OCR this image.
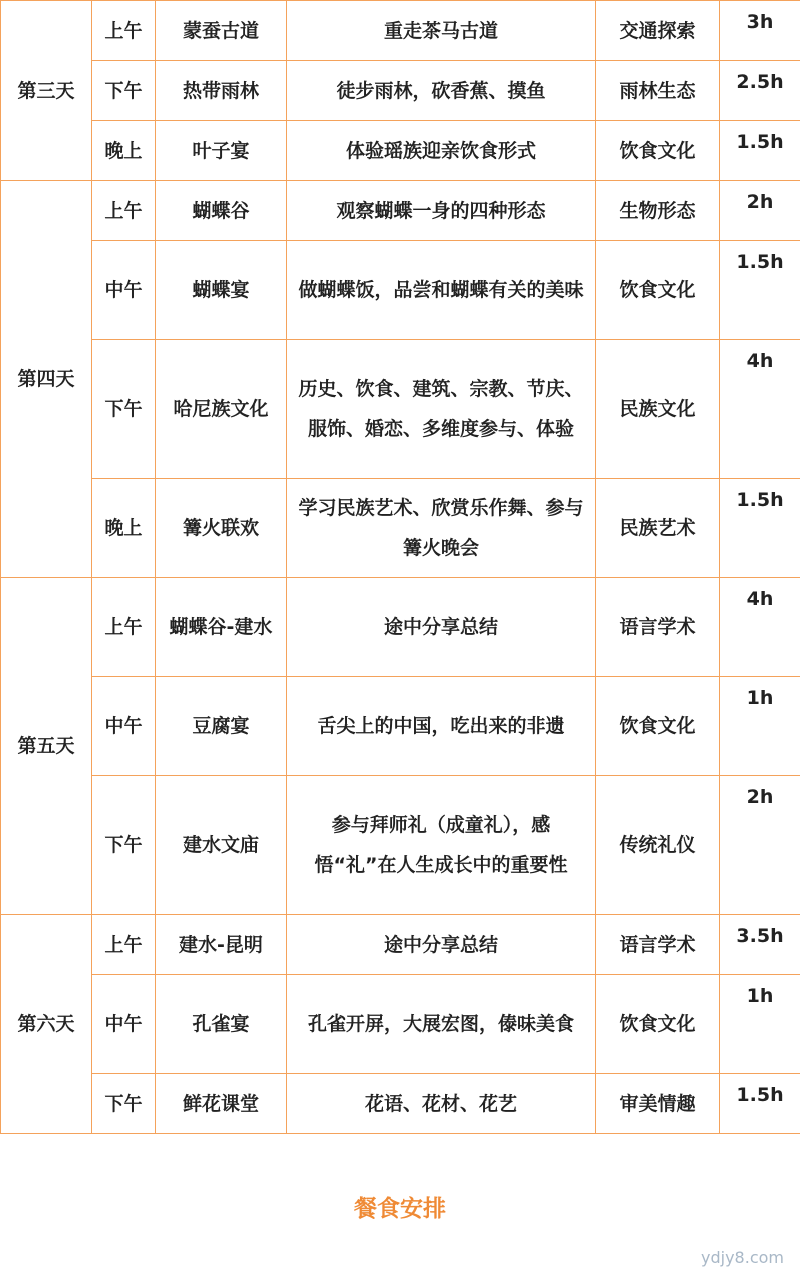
第三天	上午	蒙蚕古道	重走茶马古道	交通探索	3h
	下午	热带雨林	徒步雨林，砍香蕉、摸鱼	雨林生态	2.5h
	晚上	叶子宴	体验瑶族迎亲饮食形式	饮食文化	1.5h
第四天	上午	蝴蝶谷	观察蝴蝶一身的四种形态	生物形态	2h
	中午	蝴蝶宴	做蝴蝶饭，品尝和蝴蝶有关的美味	饮食文化	1.5h
	下午	哈尼族文化	历史、饮食、建筑、宗教、节庆、服饰、婚恋、多维度参与、体验	民族文化	4h
	晚上	篝火联欢	学习民族艺术、欣赏乐作舞、参与篝火晚会	民族艺术	1.5h
第五天	上午	蝴蝶谷-建水	途中分享总结	语言学术	4h
	中午	豆腐宴	舌尖上的中国，吃出来的非遗	饮食文化	1h
	下午	建水文庙	参与拜师礼（成童礼），感悟“礼”在人生成长中的重要性	传统礼仪	2h
第六天	上午	建水-昆明	途中分享总结	语言学术	3.5h
	中午	孔雀宴	孔雀开屏，大展宏图，傣味美食	饮食文化	1h
	下午	鲜花课堂	花语、花材、花艺	审美情趣	1.5h
餐食安排
ydjy8.com
